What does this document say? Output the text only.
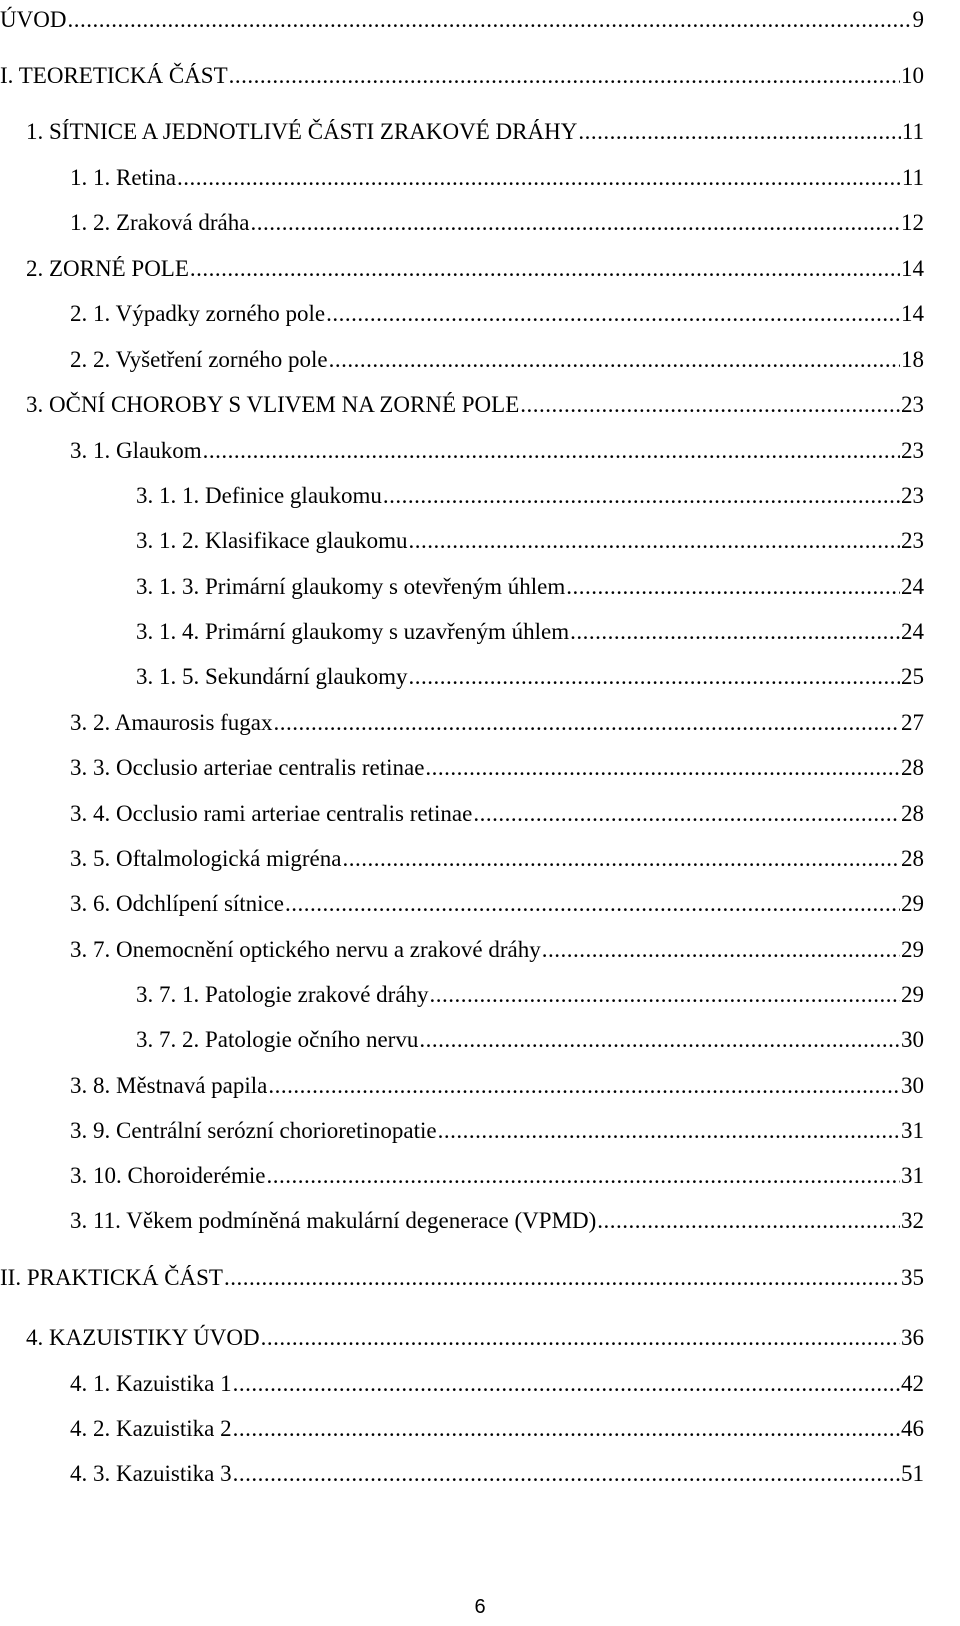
ÚVOD .....	9
I. TEORETICKÁ ČÁST .....	10
1. SÍTNICE A JEDNOTLIVÉ ČÁSTI ZRAKOVÉ DRÁHY .....	11
1. 1. Retina .....	11
1. 2. Zraková dráha .....	12
2. ZORNÉ POLE .....	14
2. 1. Výpadky zorného pole .....	14
2. 2. Vyšetření zorného pole .....	18
3. OČNÍ CHOROBY S VLIVEM NA ZORNÉ POLE .....	23
3. 1. Glaukom .....	23
3. 1. 1. Definice glaukomu .....	23
3. 1. 2. Klasifikace glaukomu .....	23
3. 1. 3. Primární glaukomy s otevřeným úhlem .....	24
3. 1. 4. Primární glaukomy s uzavřeným úhlem .....	24
3. 1. 5. Sekundární glaukomy .....	25
3. 2. Amaurosis fugax .....	27
3. 3. Occlusio arteriae centralis retinae .....	28
3. 4. Occlusio rami arteriae centralis retinae .....	28
3. 5. Oftalmologická migréna .....	28
3. 6. Odchlípení sítnice .....	29
3. 7. Onemocnění optického nervu a zrakové dráhy .....	29
3. 7. 1. Patologie zrakové dráhy .....	29
3. 7. 2. Patologie očního nervu .....	30
3. 8. Městnavá papila .....	30
3. 9. Centrální serózní chorioretinopatie .....	31
3. 10. Choroiderémie .....	31
3. 11. Věkem podmíněná makulární degenerace (VPMD) .....	32
II. PRAKTICKÁ ČÁST .....	35
4. KAZUISTIKY ÚVOD .....	36
4. 1. Kazuistika 1 .....	42
4. 2. Kazuistika 2 .....	46
4. 3. Kazuistika 3 .....	51
6
